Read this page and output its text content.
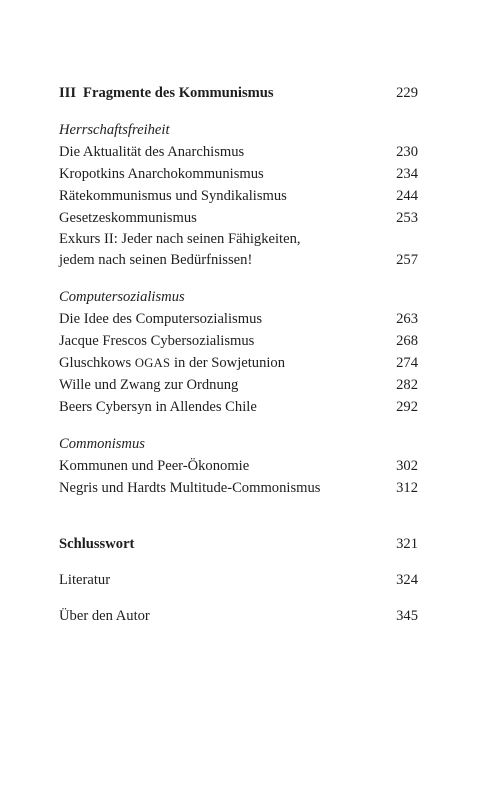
III Fragmente des Kommunismus	229
Herrschaftsfreiheit
Die Aktualität des Anarchismus	230
Kropotkins Anarchokommunismus	234
Rätekommunismus und Syndikalismus	244
Gesetzeskommunismus	253
Exkurs II: Jeder nach seinen Fähigkeiten,
jedem nach seinen Bedürfnissen!	257
Computersozialismus
Die Idee des Computersozialismus	263
Jacque Frescos Cybersozialismus	268
Gluschkows OGAS in der Sowjetunion	274
Wille und Zwang zur Ordnung	282
Beers Cybersyn in Allendes Chile	292
Commonismus
Kommunen und Peer-Ökonomie	302
Negris und Hardts Multitude-Commonismus	312
Schlusswort	321
Literatur	324
Über den Autor	345
